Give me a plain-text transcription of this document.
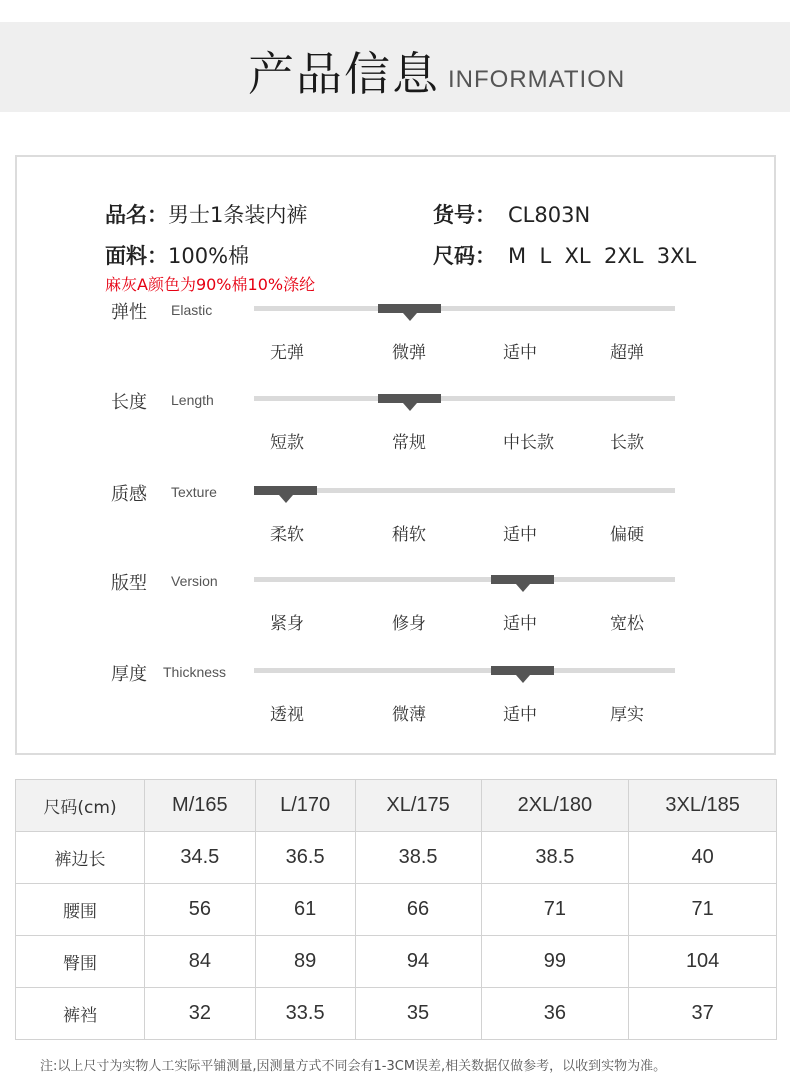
产品信息 INFORMATION
品名：男士1条装内裤	货号： CL803N
面料：100%棉	尺码： M  L  XL  2XL  3XL
麻灰A颜色为90%棉10%涤纶
弹性 Elastic
无弹	微弹	适中	超弹
长度 Length
短款	常规	中长款	长款
质感 Texture
柔软	稍软	适中	偏硬
版型 Version
紧身	修身	适中	宽松
厚度 Thickness
透视	微薄	适中	厚实
尺码(cm)	M/165	L/170	XL/175	2XL/180	3XL/185
裤边长	34.5	36.5	38.5	38.5	40
腰围	56	61	66	71	71
臀围	84	89	94	99	104
裤裆	32	33.5	35	36	37
注:以上尺寸为实物人工实际平铺测量,因测量方式不同会有1-3CM误差,相关数据仅做参考，以收到实物为准。
